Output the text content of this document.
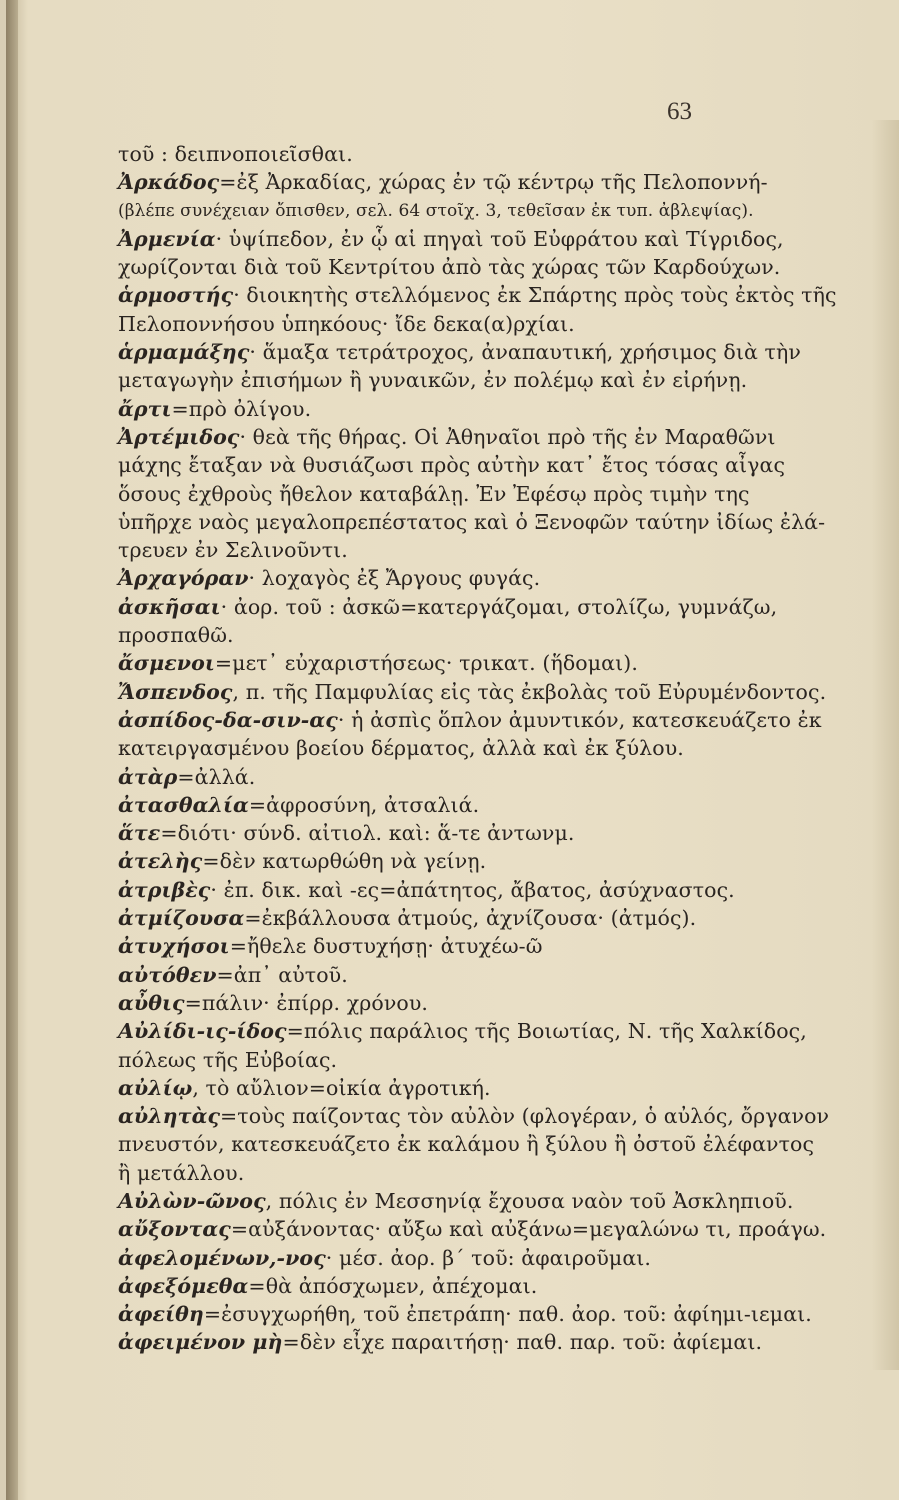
63
τοῦ : δειπνοποιεῖσθαι.
Ἀρκάδος=ἐξ Ἀρκαδίας, χώρας ἐν τῷ κέντρῳ τῆς Πελοποννή-
(βλέπε συνέχειαν ὄπισθεν, σελ. 64 στοῖχ. 3, τεθεῖσαν ἐκ τυπ. ἀβλεψίας).
Ἀρμενία· ὑψίπεδον, ἐν ᾧ αἱ πηγαὶ τοῦ Εὐφράτου καὶ Τίγριδος,
χωρίζονται διὰ τοῦ Κεντρίτου ἀπὸ τὰς χώρας τῶν Καρδούχων.
ἁρμοστής· διοικητὴς στελλόμενος ἐκ Σπάρτης πρὸς τοὺς ἐκτὸς τῆς
Πελοποννήσου ὑπηκόους· ἴδε δεκα(α)ρχίαι.
ἁρμαμάξης· ἅμαξα τετράτροχος, ἀναπαυτική, χρήσιμος διὰ τὴν
μεταγωγὴν ἐπισήμων ἢ γυναικῶν, ἐν πολέμῳ καὶ ἐν εἰρήνῃ.
ἄρτι=πρὸ ὀλίγου.
Ἀρτέμιδος· θεὰ τῆς θήρας. Οἱ Ἀθηναῖοι πρὸ τῆς ἐν Μαραθῶνι
μάχης ἔταξαν νὰ θυσιάζωσι πρὸς αὐτὴν κατ᾽ ἔτος τόσας αἶγας
ὅσους ἐχθροὺς ἤθελον καταβάλῃ. Ἐν Ἐφέσῳ πρὸς τιμὴν της
ὑπῆρχε ναὸς μεγαλοπρεπέστατος καὶ ὁ Ξενοφῶν ταύτην ἰδίως ἐλά-
τρευεν ἐν Σελινοῦντι.
Ἀρχαγόραν· λοχαγὸς ἐξ Ἄργους φυγάς.
ἀσκῆσαι· ἀορ. τοῦ : ἀσκῶ=κατεργάζομαι, στολίζω, γυμνάζω,
προσπαθῶ.
ἄσμενοι=μετ᾽ εὐχαριστήσεως· τρικατ. (ἥδομαι).
Ἄσπενδος, π. τῆς Παμφυλίας εἰς τὰς ἐκβολὰς τοῦ Εὐρυμένδοντος.
ἀσπίδος-δα-σιν-ας· ἡ ἀσπὶς ὅπλον ἀμυντικόν, κατεσκευάζετο ἐκ
κατειργασμένου βοείου δέρματος, ἀλλὰ καὶ ἐκ ξύλου.
ἀτὰρ=ἀλλά.
ἀτασθαλία=ἀφροσύνη, ἀτσαλιά.
ἅτε=διότι· σύνδ. αἰτιολ. καὶ: ἅ-τε ἀντωνμ.
ἀτελὴς=δὲν κατωρθώθη νὰ γείνῃ.
ἀτριβὲς· ἐπ. δικ. καὶ -ες=ἀπάτητος, ἄβατος, ἀσύχναστος.
ἀτμίζουσα=ἐκβάλλουσα ἀτμούς, ἀχνίζουσα· (ἀτμός).
ἀτυχήσοι=ἤθελε δυστυχήσῃ· ἀτυχέω-ῶ
αὐτόθεν=ἀπ᾽ αὐτοῦ.
αὖθις=πάλιν· ἐπίρρ. χρόνου.
Αὐλίδι-ις-ίδος=πόλις παράλιος τῆς Βοιωτίας, Ν. τῆς Χαλκίδος,
πόλεως τῆς Εὐβοίας.
αὐλίῳ, τὸ αὔλιον=οἰκία ἀγροτική.
αὐλητὰς=τοὺς παίζοντας τὸν αὐλὸν (φλογέραν, ὁ αὐλός, ὄργανον
πνευστόν, κατεσκευάζετο ἐκ καλάμου ἢ ξύλου ἢ ὀστοῦ ἐλέφαντος
ἢ μετάλλου.
Αὐλὼν-ῶνος, πόλις ἐν Μεσσηνίᾳ ἔχουσα ναὸν τοῦ Ἀσκληπιοῦ.
αὔξοντας=αὐξάνοντας· αὔξω καὶ αὐξάνω=μεγαλώνω τι, προάγω.
ἀφελομένων,-νος· μέσ. ἀορ. β´ τοῦ: ἀφαιροῦμαι.
ἀφεξόμεθα=θὰ ἀπόσχωμεν, ἀπέχομαι.
ἀφείθη=ἐσυγχωρήθη, τοῦ ἐπετράπη· παθ. ἀορ. τοῦ: ἀφίημι-ιεμαι.
ἀφειμένον μὴ=δὲν εἶχε παραιτήσῃ· παθ. παρ. τοῦ: ἀφίεμαι.
